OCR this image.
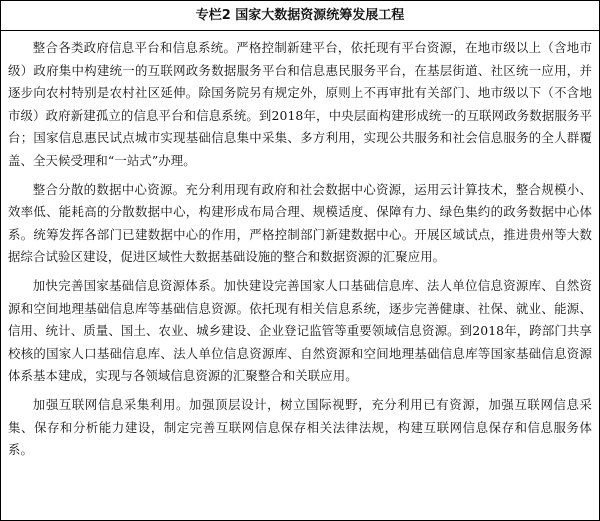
专栏2 国家大数据资源统筹发展工程

整合各类政府信息平台和信息系统。严格控制新建平台，依托现有平台资源，在地市级以上（含地市级）政府集中构建统一的互联网政务数据服务平台和信息惠民服务平台，在基层街道、社区统一应用，并逐步向农村特别是农村社区延伸。除国务院另有规定外，原则上不再审批有关部门、地市级以下（不含地市级）政府新建孤立的信息平台和信息系统。到2018年，中央层面构建形成统一的互联网政务数据服务平台；国家信息惠民试点城市实现基础信息集中采集、多方利用，实现公共服务和社会信息服务的全人群覆盖、全天候受理和“一站式”办理。

整合分散的数据中心资源。充分利用现有政府和社会数据中心资源，运用云计算技术，整合规模小、效率低、能耗高的分散数据中心，构建形成布局合理、规模适度、保障有力、绿色集约的政务数据中心体系。统筹发挥各部门已建数据中心的作用，严格控制部门新建数据中心。开展区域试点，推进贵州等大数据综合试验区建设，促进区域性大数据基础设施的整合和数据资源的汇聚应用。

加快完善国家基础信息资源体系。加快建设完善国家人口基础信息库、法人单位信息资源库、自然资源和空间地理基础信息库等基础信息资源。依托现有相关信息系统，逐步完善健康、社保、就业、能源、信用、统计、质量、国土、农业、城乡建设、企业登记监管等重要领域信息资源。到2018年，跨部门共享校核的国家人口基础信息库、法人单位信息资源库、自然资源和空间地理基础信息库等国家基础信息资源体系基本建成，实现与各领域信息资源的汇聚整合和关联应用。

加强互联网信息采集利用。加强顶层设计，树立国际视野，充分利用已有资源，加强互联网信息采集、保存和分析能力建设，制定完善互联网信息保存相关法律法规，构建互联网信息保存和信息服务体系。
